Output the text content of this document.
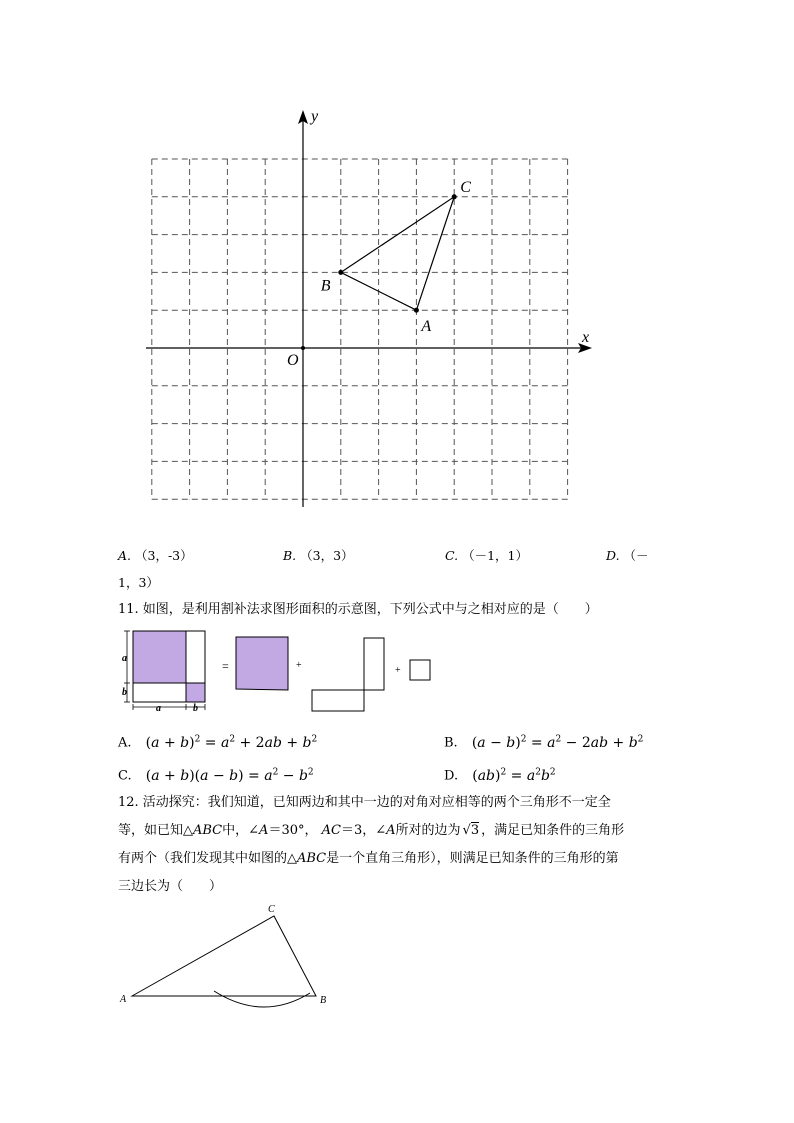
x
y
O
A
B
C
A. （3，-3）	B. （3，3）	C. （－1，1）	D. （－
1，3）
11. 如图，是利用割补法求图形面积的示意图，下列公式中与之相对应的是（　　）
a
b
a	b
=	+	+
A. $(a + b)^2 = a^2 + 2ab + b^2$	B. $(a - b)^2 = a^2 - 2ab + b^2$
C. $(a + b)(a - b) = a^2 - b^2$	D. $(ab)^2 = a^2b^2$
12. 活动探究：我们知道，已知两边和其中一边的对角对应相等的两个三角形不一定全
等，如已知△ABC中，∠A＝30°， AC＝3，∠A所对的边为 √3 ，满足已知条件的三角形
有两个（我们发现其中如图的△ABC是一个直角三角形），则满足已知条件的三角形的第
三边长为（　　）
A	B
C
